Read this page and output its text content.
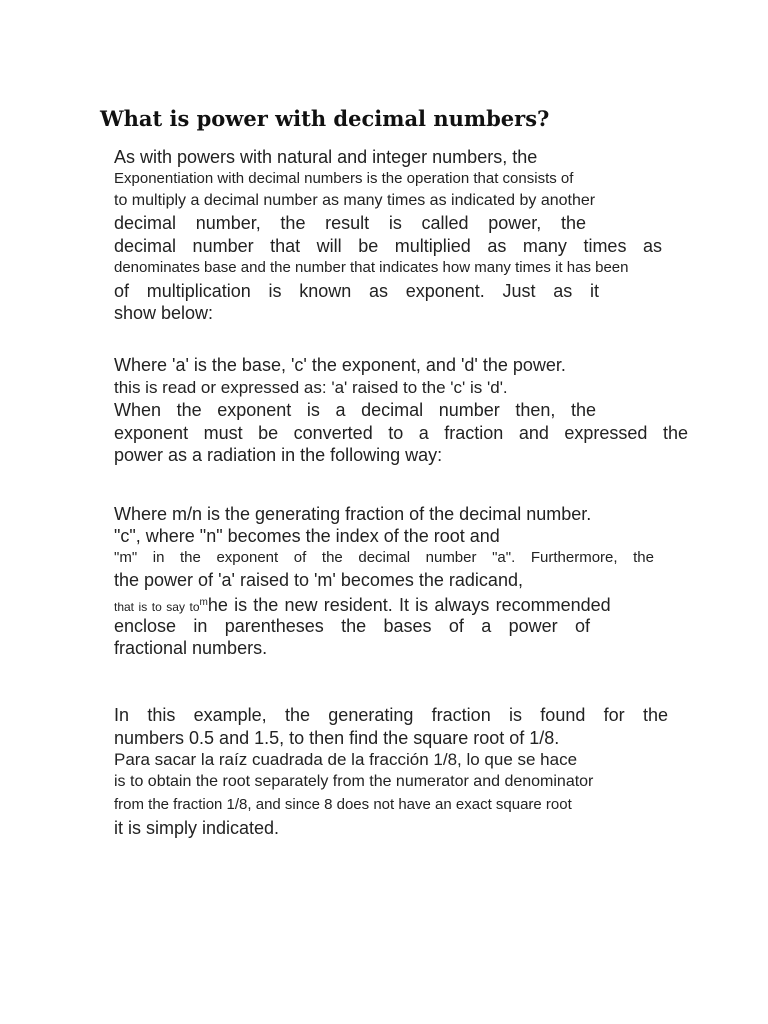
What is power with decimal numbers?
As with powers with natural and integer numbers, the
Exponentiation with decimal numbers is the operation that consists of
to multiply a decimal number as many times as indicated by another
decimal number, the result is called power, the
decimal number that will be multiplied as many times as
denominates base and the number that indicates how many times it has been
of multiplication is known as exponent. Just as it
show below:
Where 'a' is the base, 'c' the exponent, and 'd' the power.
this is read or expressed as: 'a' raised to the 'c' is 'd'.
When the exponent is a decimal number then, the
exponent must be converted to a fraction and expressed the
power as a radiation in the following way:
Where m/n is the generating fraction of the decimal number.
"c", where "n" becomes the index of the root and
"m" in the exponent of the decimal number "a". Furthermore, the
the power of 'a' raised to 'm' becomes the radicand,
that is to say $to^mhe$ is the new resident. It is always recommended
enclose in parentheses the bases of a power of
fractional numbers.
In this example, the generating fraction is found for the
numbers 0.5 and 1.5, to then find the square root of 1/8.
Para sacar la raíz cuadrada de la fracción 1/8, lo que se hace
is to obtain the root separately from the numerator and denominator
from the fraction 1/8, and since 8 does not have an exact square root
it is simply indicated.
